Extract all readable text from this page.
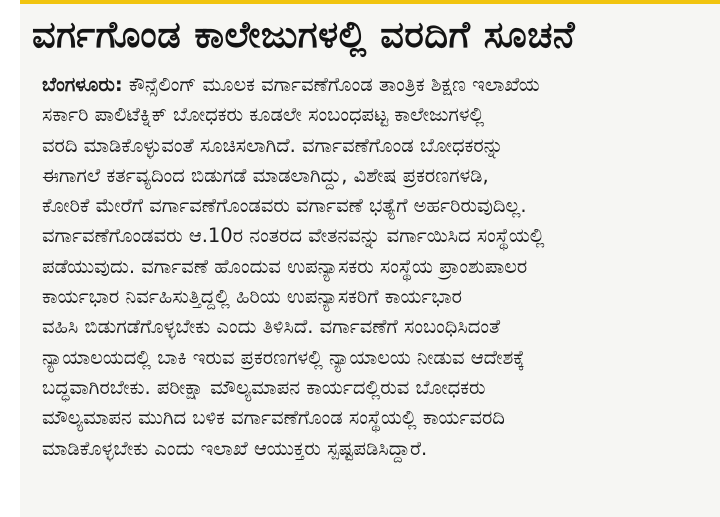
ವರ್ಗಗೊಂಡ ಕಾಲೇಜುಗಳಲ್ಲಿ ವರದಿಗೆ ಸೂಚನೆ
ಬೆಂಗಳೂರು: ಕೌನ್ಸೆಲಿಂಗ್ ಮೂಲಕ ವರ್ಗಾವಣೆಗೊಂಡ ತಾಂತ್ರಿಕ ಶಿಕ್ಷಣ ಇಲಾಖೆಯ
ಸರ್ಕಾರಿ ಪಾಲಿಟೆಕ್ನಿಕ್ ಬೋಧಕರು ಕೂಡಲೇ ಸಂಬಂಧಪಟ್ಟ ಕಾಲೇಜುಗಳಲ್ಲಿ
ವರದಿ ಮಾಡಿಕೊಳ್ಳುವಂತೆ ಸೂಚಿಸಲಾಗಿದೆ. ವರ್ಗಾವಣೆಗೊಂಡ ಬೋಧಕರನ್ನು
ಈಗಾಗಲೆ ಕರ್ತವ್ಯದಿಂದ ಬಿಡುಗಡೆ ಮಾಡಲಾಗಿದ್ದು, ವಿಶೇಷ ಪ್ರಕರಣಗಳಡಿ,
ಕೋರಿಕೆ ಮೇರೆಗೆ ವರ್ಗಾವಣೆಗೊಂಡವರು ವರ್ಗಾವಣೆ ಭತ್ಯೆಗೆ ಅರ್ಹರಿರುವುದಿಲ್ಲ.
ವರ್ಗಾವಣೆಗೊಂಡವರು ಆ.10ರ ನಂತರದ ವೇತನವನ್ನು ವರ್ಗಾಯಿಸಿದ ಸಂಸ್ಥೆಯಲ್ಲಿ
ಪಡೆಯುವುದು. ವರ್ಗಾವಣೆ ಹೊಂದುವ ಉಪನ್ಯಾಸಕರು ಸಂಸ್ಥೆಯ ಪ್ರಾಂಶುಪಾಲರ
ಕಾರ್ಯಭಾರ ನಿರ್ವಹಿಸುತ್ತಿದ್ದಲ್ಲಿ ಹಿರಿಯ ಉಪನ್ಯಾಸಕರಿಗೆ ಕಾರ್ಯಭಾರ
ವಹಿಸಿ ಬಿಡುಗಡೆಗೊಳ್ಳಬೇಕು ಎಂದು ತಿಳಿಸಿದೆ. ವರ್ಗಾವಣೆಗೆ ಸಂಬಂಧಿಸಿದಂತೆ
ನ್ಯಾಯಾಲಯದಲ್ಲಿ ಬಾಕಿ ಇರುವ ಪ್ರಕರಣಗಳಲ್ಲಿ ನ್ಯಾಯಾಲಯ ನೀಡುವ ಆದೇಶಕ್ಕೆ
ಬದ್ಧವಾಗಿರಬೇಕು. ಪರೀಕ್ಷಾ ಮೌಲ್ಯಮಾಪನ ಕಾರ್ಯದಲ್ಲಿರುವ ಬೋಧಕರು
ಮೌಲ್ಯಮಾಪನ ಮುಗಿದ ಬಳಿಕ ವರ್ಗಾವಣೆಗೊಂಡ ಸಂಸ್ಥೆಯಲ್ಲಿ ಕಾರ್ಯವರದಿ
ಮಾಡಿಕೊಳ್ಳಬೇಕು ಎಂದು ಇಲಾಖೆ ಆಯುಕ್ತರು ಸ್ಪಷ್ಟಪಡಿಸಿದ್ದಾರೆ.
